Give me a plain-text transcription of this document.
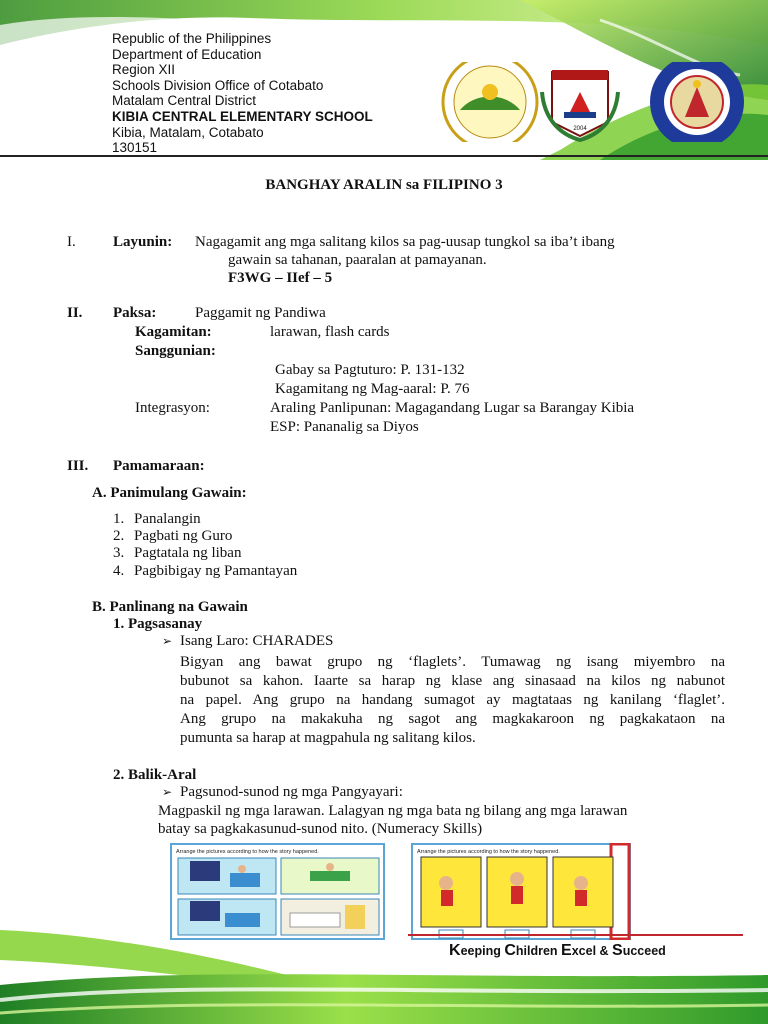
Republic of the Philippines
Department of Education
Region XII
Schools Division Office of Cotabato
Matalam Central District
KIBIA CENTRAL ELEMENTARY SCHOOL
Kibia, Matalam, Cotabato
130151
2004
BANGHAY ARALIN sa FILIPINO 3
I. Layunin: Nagagamit ang mga salitang kilos sa pag-uusap tungkol sa iba’t ibang
gawain sa tahanan, paaralan at pamayanan.
F3WG – IIef – 5
II. Paksa:	Paggamit ng Pandiwa
Kagamitan:	larawan, flash cards
Sanggunian:
Gabay sa Pagtuturo: P. 131-132
Kagamitang ng Mag-aaral: P. 76
Integrasyon:	Araling Panlipunan: Magagandang Lugar sa Barangay Kibia
ESP: Pananalig sa Diyos
III. Pamamaraan:
A. Panimulang Gawain:
1. Panalangin
2. Pagbati ng Guro
3. Pagtatala ng liban
4. Pagbibigay ng Pamantayan
B. Panlinang na Gawain
1. Pagsasanay
➢ Isang Laro: CHARADES
Bigyan ang bawat grupo ng ‘flaglets’. Tumawag ng isang miyembro na
bubunot sa kahon. Iaarte sa harap ng klase ang sinasaad na kilos ng nabunot
na papel. Ang grupo na handang sumagot ay magtataas ng kanilang ‘flaglet’.
Ang grupo na makakuha ng sagot ang magkakaroon ng pagkakataon na
pumunta sa harap at magpahula ng salitang kilos.
2. Balik-Aral
➢ Pagsunod-sunod ng mga Pangyayari:
Magpaskil ng mga larawan. Lalagyan ng mga bata ng bilang ang mga larawan
batay sa pagkakasunud-sunod nito. (Numeracy Skills)
Arrange the pictures according to how the story happened.	Arrange the pictures according to how the story happened.
Keeping Children Excel & Succeed
